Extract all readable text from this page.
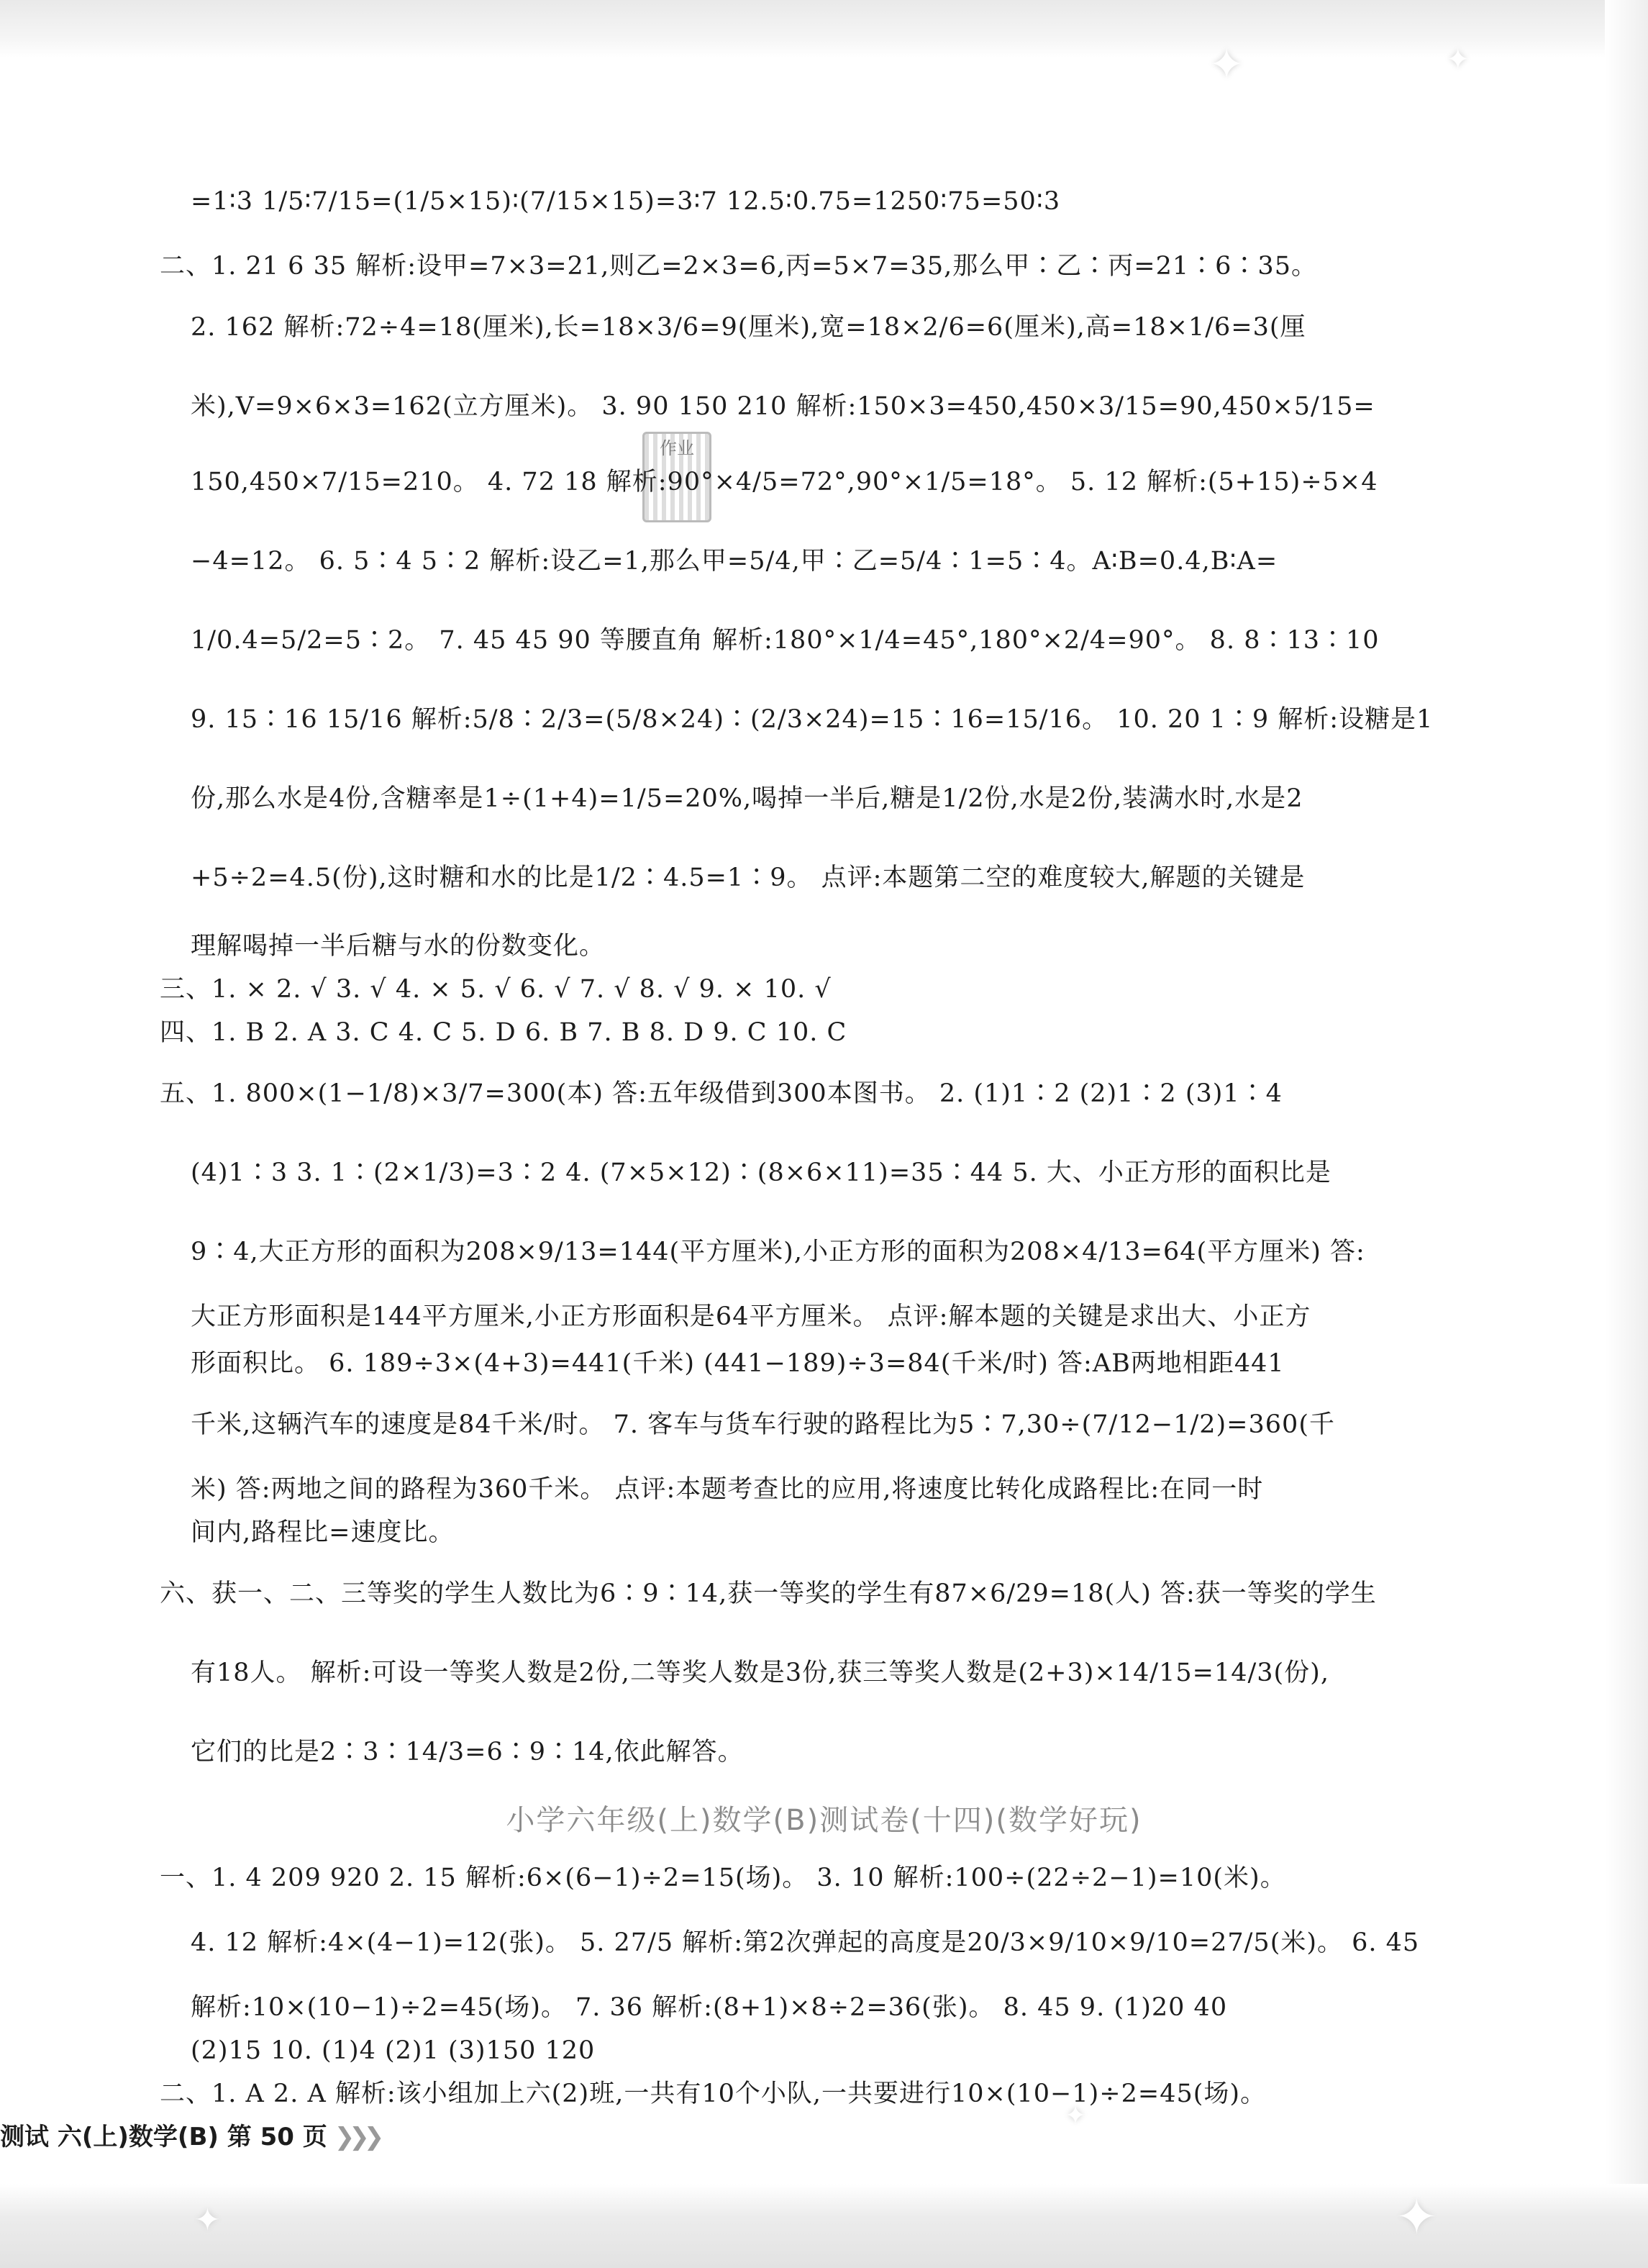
✦	✦
✦
✦	✦
作业
=1∶3 1/5∶7/15=(1/5×15)∶(7/15×15)=3∶7 12.5∶0.75=1250∶75=50∶3
二、1. 21 6 35 解析:设甲=7×3=21,则乙=2×3=6,丙=5×7=35,那么甲∶乙∶丙=21∶6∶35。
2. 162 解析:72÷4=18(厘米),长=18×3/6=9(厘米),宽=18×2/6=6(厘米),高=18×1/6=3(厘
米),V=9×6×3=162(立方厘米)。 3. 90 150 210 解析:150×3=450,450×3/15=90,450×5/15=
150,450×7/15=210。 4. 72 18 解析:90°×4/5=72°,90°×1/5=18°。 5. 12 解析:(5+15)÷5×4
−4=12。 6. 5∶4 5∶2 解析:设乙=1,那么甲=5/4,甲∶乙=5/4∶1=5∶4。A∶B=0.4,B∶A=
1/0.4=5/2=5∶2。 7. 45 45 90 等腰直角 解析:180°×1/4=45°,180°×2/4=90°。 8. 8∶13∶10
9. 15∶16 15/16 解析:5/8∶2/3=(5/8×24)∶(2/3×24)=15∶16=15/16。 10. 20 1∶9 解析:设糖是1
份,那么水是4份,含糖率是1÷(1+4)=1/5=20%,喝掉一半后,糖是1/2份,水是2份,装满水时,水是2
+5÷2=4.5(份),这时糖和水的比是1/2∶4.5=1∶9。 点评:本题第二空的难度较大,解题的关键是
理解喝掉一半后糖与水的份数变化。
三、1. × 2. √ 3. √ 4. × 5. √ 6. √ 7. √ 8. √ 9. × 10. √
四、1. B 2. A 3. C 4. C 5. D 6. B 7. B 8. D 9. C 10. C
五、1. 800×(1−1/8)×3/7=300(本) 答:五年级借到300本图书。 2. (1)1∶2 (2)1∶2 (3)1∶4
(4)1∶3 3. 1∶(2×1/3)=3∶2 4. (7×5×12)∶(8×6×11)=35∶44 5. 大、小正方形的面积比是
9∶4,大正方形的面积为208×9/13=144(平方厘米),小正方形的面积为208×4/13=64(平方厘米) 答:
大正方形面积是144平方厘米,小正方形面积是64平方厘米。 点评:解本题的关键是求出大、小正方
形面积比。 6. 189÷3×(4+3)=441(千米) (441−189)÷3=84(千米/时) 答:AB两地相距441
千米,这辆汽车的速度是84千米/时。 7. 客车与货车行驶的路程比为5∶7,30÷(7/12−1/2)=360(千
米) 答:两地之间的路程为360千米。 点评:本题考查比的应用,将速度比转化成路程比:在同一时
间内,路程比=速度比。
六、获一、二、三等奖的学生人数比为6∶9∶14,获一等奖的学生有87×6/29=18(人) 答:获一等奖的学生
有18人。 解析:可设一等奖人数是2份,二等奖人数是3份,获三等奖人数是(2+3)×14/15=14/3(份),
它们的比是2∶3∶14/3=6∶9∶14,依此解答。
小学六年级(上)数学(B)测试卷(十四)(数学好玩)
一、1. 4 209 920 2. 15 解析:6×(6−1)÷2=15(场)。 3. 10 解析:100÷(22÷2−1)=10(米)。
4. 12 解析:4×(4−1)=12(张)。 5. 27/5 解析:第2次弹起的高度是20/3×9/10×9/10=27/5(米)。 6. 45
解析:10×(10−1)÷2=45(场)。 7. 36 解析:(8+1)×8÷2=36(张)。 8. 45 9. (1)20 40
(2)15 10. (1)4 (2)1 (3)150 120
二、1. A 2. A 解析:该小组加上六(2)班,一共有10个小队,一共要进行10×(10−1)÷2=45(场)。
测试 六(上)数学(B) 第 50 页 ❯❯❯
